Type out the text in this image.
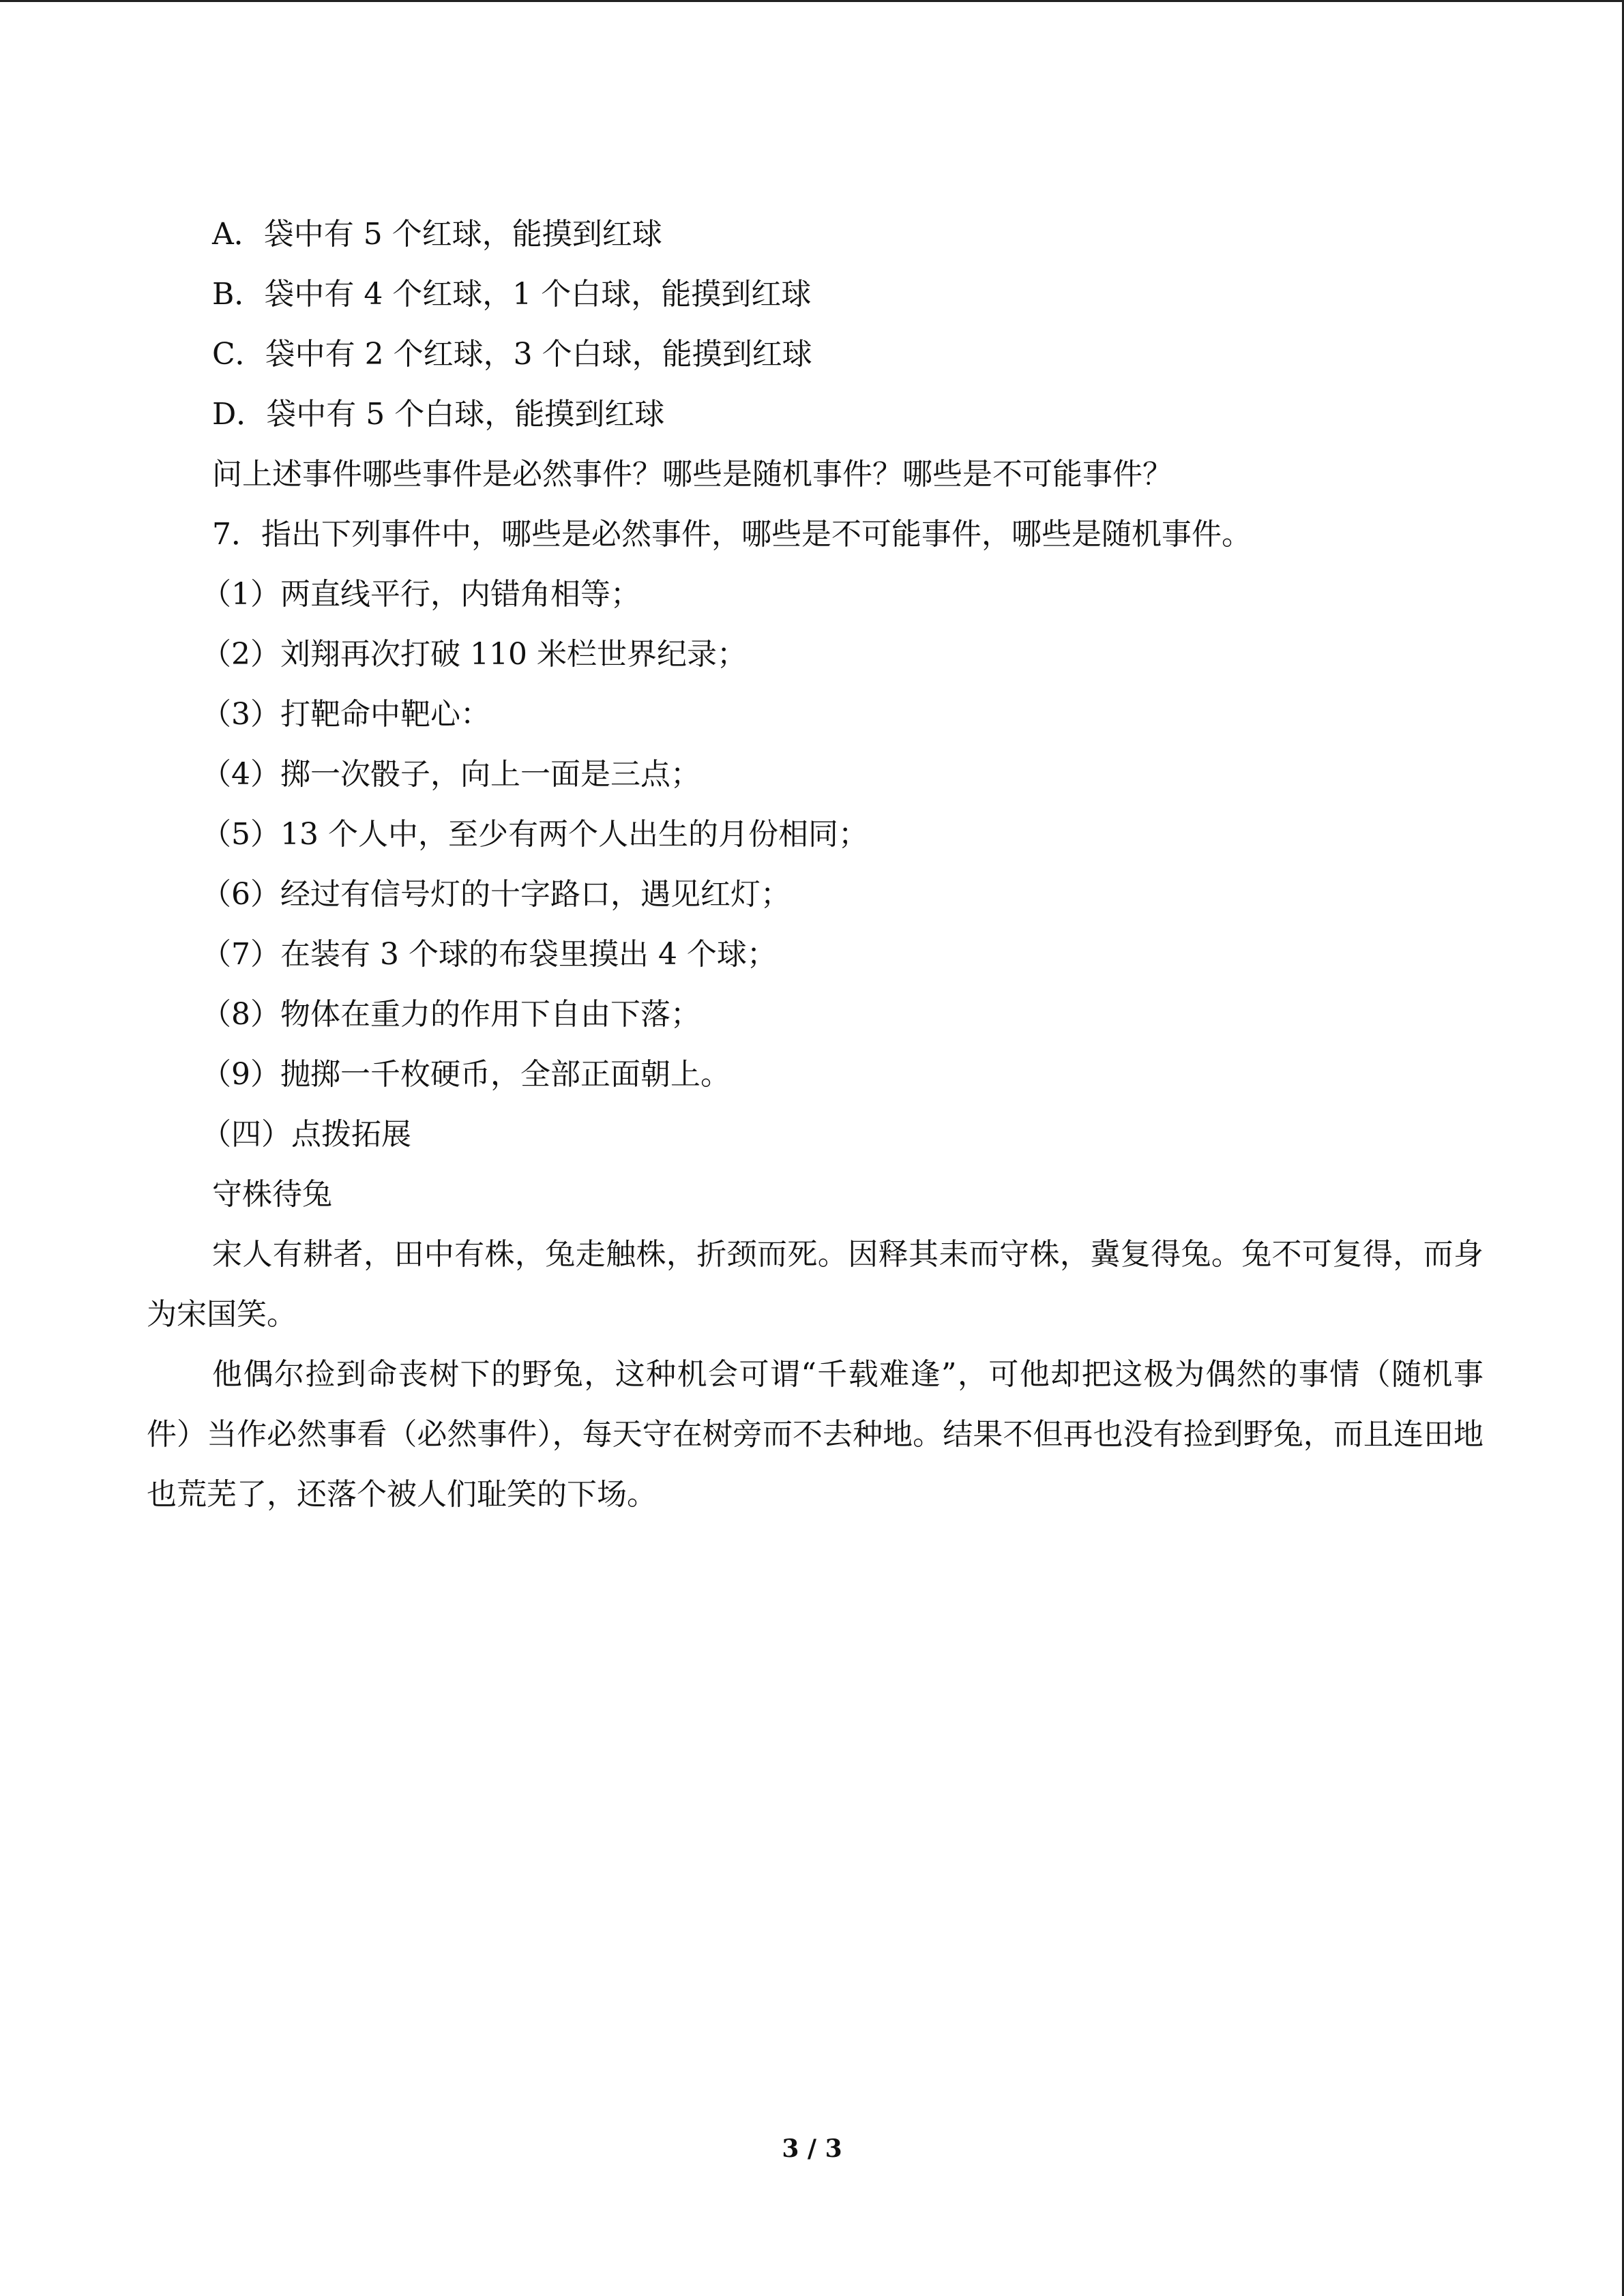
A．袋中有 5 个红球，能摸到红球
B．袋中有 4 个红球，1 个白球，能摸到红球
C．袋中有 2 个红球，3 个白球，能摸到红球
D．袋中有 5 个白球，能摸到红球
问上述事件哪些事件是必然事件？哪些是随机事件？哪些是不可能事件？
7．指出下列事件中，哪些是必然事件，哪些是不可能事件，哪些是随机事件。
（1）两直线平行，内错角相等；
（2）刘翔再次打破 110 米栏世界纪录；
（3）打靶命中靶心：
（4）掷一次骰子，向上一面是三点；
（5）13 个人中，至少有两个人出生的月份相同；
（6）经过有信号灯的十字路口，遇见红灯；
（7）在装有 3 个球的布袋里摸出 4 个球；
（8）物体在重力的作用下自由下落；
（9）抛掷一千枚硬币，全部正面朝上。
（四）点拨拓展
守株待兔
宋人有耕者，田中有株，兔走触株，折颈而死。因释其耒而守株，冀复得兔。兔不可复得，而身为宋国笑。
他偶尔捡到命丧树下的野兔，这种机会可谓“千载难逢”，可他却把这极为偶然的事情（随机事件）当作必然事看（必然事件），每天守在树旁而不去种地。结果不但再也没有捡到野兔，而且连田地也荒芜了，还落个被人们耻笑的下场。
3 / 3
